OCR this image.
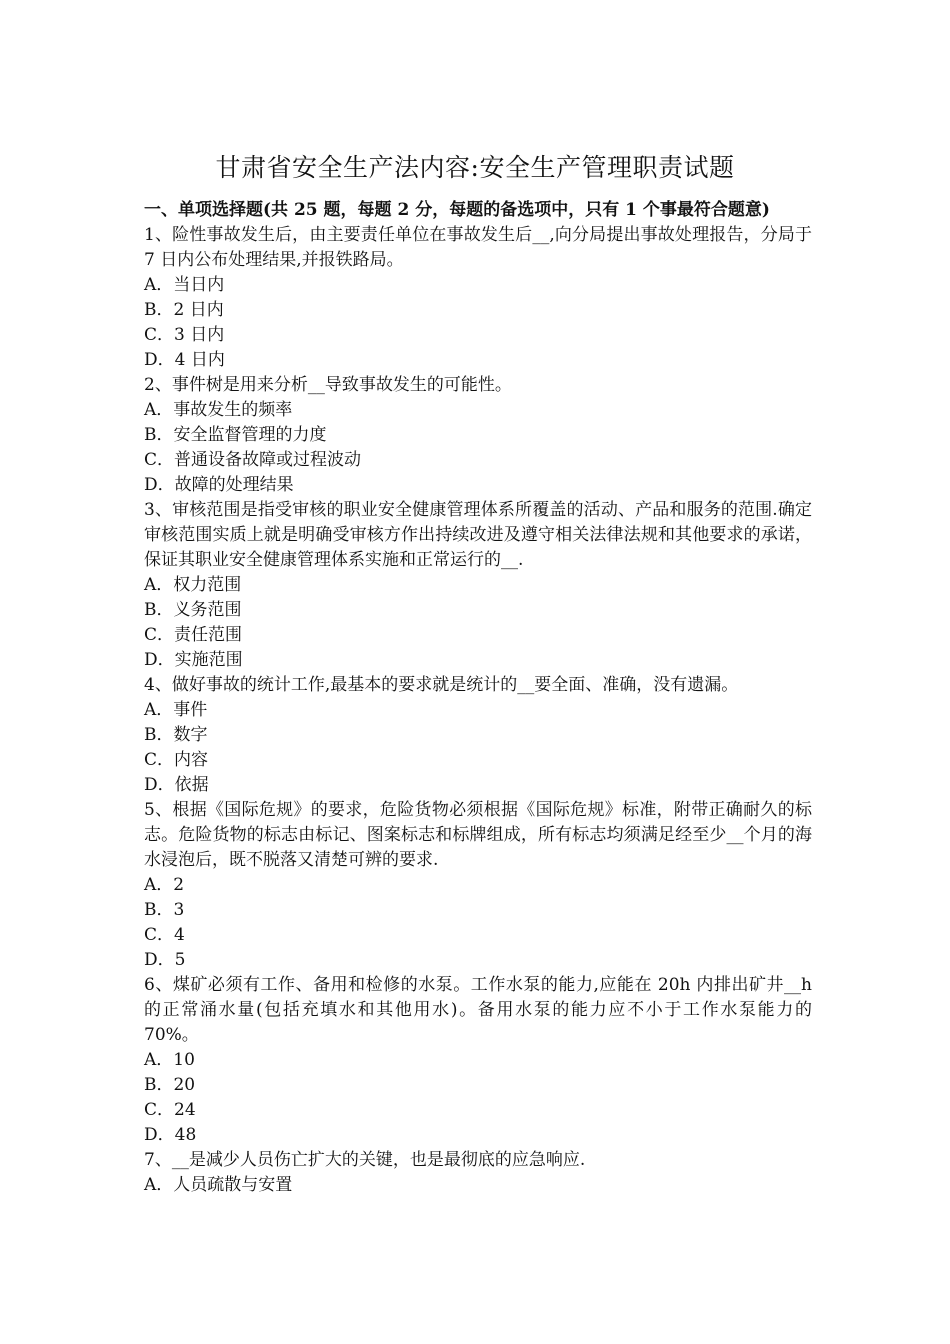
甘肃省安全生产法内容:安全生产管理职责试题

一、单项选择题(共 25 题，每题 2 分，每题的备选项中，只有 1 个事最符合题意)

1、险性事故发生后，由主要责任单位在事故发生后__,向分局提出事故处理报告，分局于 7 日内公布处理结果,并报铁路局。

A．当日内

B．2 日内

C．3 日内

D．4 日内

2、事件树是用来分析__导致事故发生的可能性。

A．事故发生的频率

B．安全监督管理的力度

C．普通设备故障或过程波动

D．故障的处理结果

3、审核范围是指受审核的职业安全健康管理体系所覆盖的活动、产品和服务的范围.确定审核范围实质上就是明确受审核方作出持续改进及遵守相关法律法规和其他要求的承诺，保证其职业安全健康管理体系实施和正常运行的__.

A．权力范围

B．义务范围

C．责任范围

D．实施范围

4、做好事故的统计工作,最基本的要求就是统计的__要全面、准确，没有遗漏。

A．事件

B．数字

C．内容

D．依据

5、根据《国际危规》的要求，危险货物必须根据《国际危规》标准，附带正确耐久的标志。危险货物的标志由标记、图案标志和标牌组成，所有标志均须满足经至少__个月的海水浸泡后，既不脱落又清楚可辨的要求.

A．2

B．3

C．4

D．5

6、煤矿必须有工作、备用和检修的水泵。工作水泵的能力,应能在 20h 内排出矿井__h 的正常涌水量(包括充填水和其他用水)。备用水泵的能力应不小于工作水泵能力的 70%。

A．10

B．20

C．24

D．48

7、__是减少人员伤亡扩大的关键，也是最彻底的应急响应.

A．人员疏散与安置
